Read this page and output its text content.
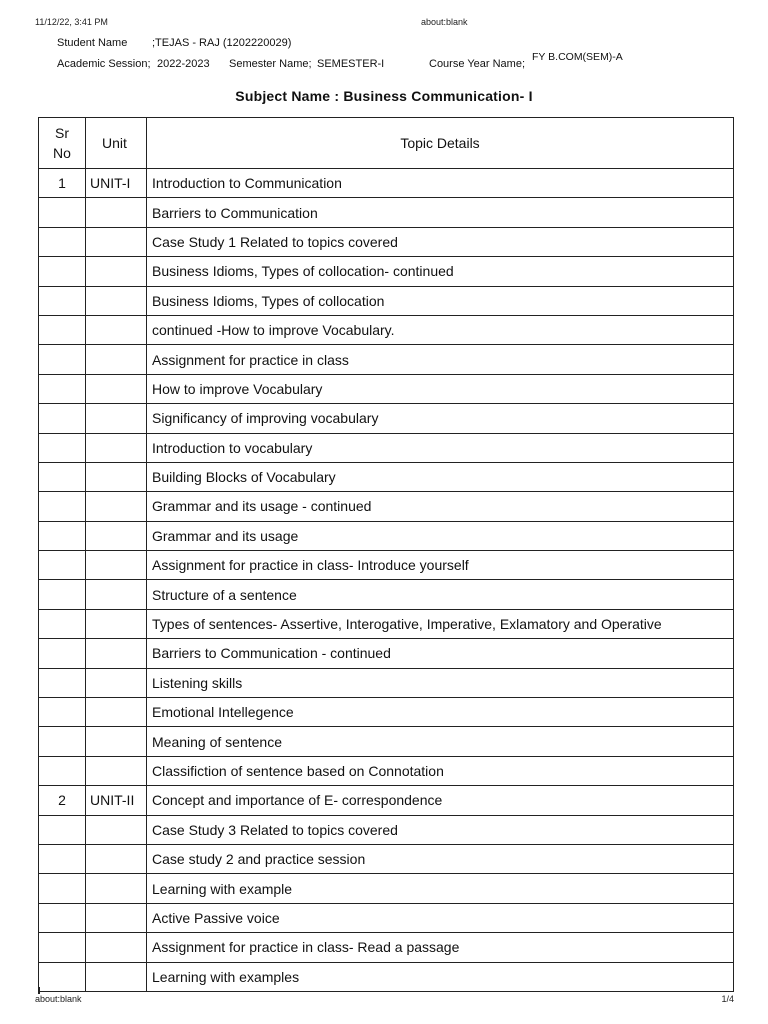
11/12/22, 3:41 PM	about:blank
Student Name ;TEJAS - RAJ (1202220029)
Academic Session; 2022-2023 Semester Name; SEMESTER-I	Course Year Name;
FY B.COM(SEM)-A
Subject Name : Business Communication- I
Sr No	Unit	Topic Details
1	UNIT-I	Introduction to Communication
		Barriers to Communication
		Case Study 1 Related to topics covered
		Business Idioms, Types of collocation- continued
		Business Idioms, Types of collocation
		continued -How to improve Vocabulary.
		Assignment for practice in class
		How to improve Vocabulary
		Significancy of improving vocabulary
		Introduction to vocabulary
		Building Blocks of Vocabulary
		Grammar and its usage - continued
		Grammar and its usage
		Assignment for practice in class- Introduce yourself
		Structure of a sentence
		Types of sentences- Assertive, Interogative, Imperative, Exlamatory and Operative
		Barriers to Communication - continued
		Listening skills
		Emotional Intellegence
		Meaning of sentence
		Classifiction of sentence based on Connotation
2	UNIT-II	Concept and importance of E- correspondence
		Case Study 3 Related to topics covered
		Case study 2 and practice session
		Learning with example
		Active Passive voice
		Assignment for practice in class- Read a passage
		Learning with examples
about:blank	1/4
